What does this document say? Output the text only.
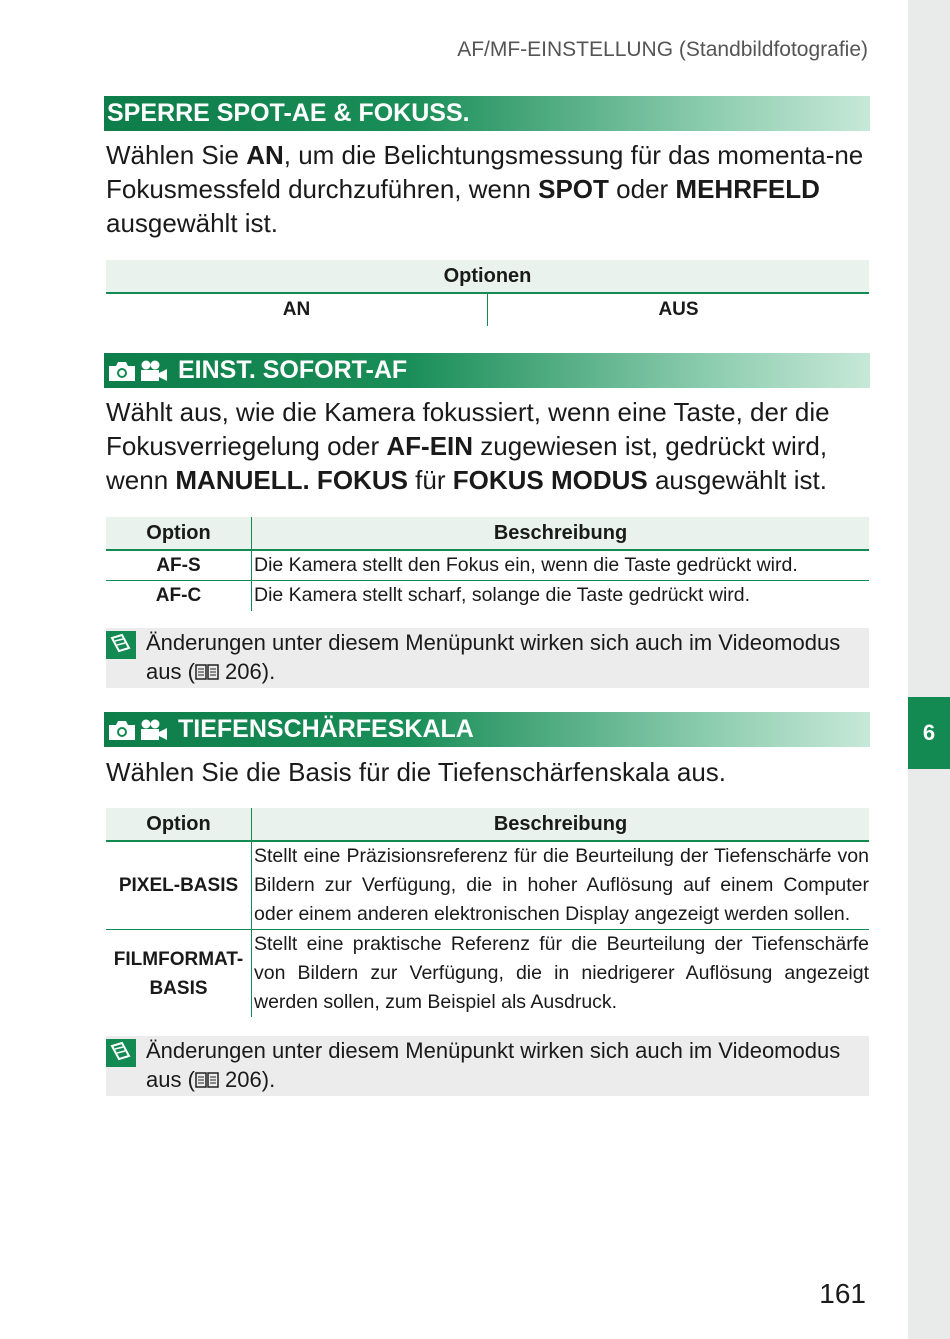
6
AF/MF-EINSTELLUNG (Standbildfotografie)
SPERRE SPOT-AE & FOKUSS.
Wählen Sie AN, um die Belichtungsmessung für das momenta-ne Fokusmessfeld durchzuführen, wenn SPOT oder MEHRFELD ausgewählt ist.
Optionen
AN	AUS
EINST. SOFORT-AF
Wählt aus, wie die Kamera fokussiert, wenn eine Taste, der die Fokusverriegelung oder AF-EIN zugewiesen ist, gedrückt wird, wenn MANUELL. FOKUS für FOKUS MODUS ausgewählt ist.
Option	Beschreibung
AF-S	Die Kamera stellt den Fokus ein, wenn die Taste gedrückt wird.
AF-C	Die Kamera stellt scharf, solange die Taste gedrückt wird.
Änderungen unter diesem Menüpunkt wirken sich auch im Videomodus aus ( 206).
TIEFENSCHÄRFESKALA
Wählen Sie die Basis für die Tiefenschärfenskala aus.
Option	Beschreibung
PIXEL-BASIS	Stellt eine Präzisionsreferenz für die Beurteilung der Tiefenschärfe von Bildern zur Verfügung, die in hoher Auflösung auf einem Computer oder einem anderen elektronischen Display angezeigt werden sollen.
FILMFORMAT-
BASIS	Stellt eine praktische Referenz für die Beurteilung der Tiefenschärfe von Bildern zur Verfügung, die in niedrigerer Auflösung angezeigt werden sollen, zum Beispiel als Ausdruck.
Änderungen unter diesem Menüpunkt wirken sich auch im Videomodus aus ( 206).
161
